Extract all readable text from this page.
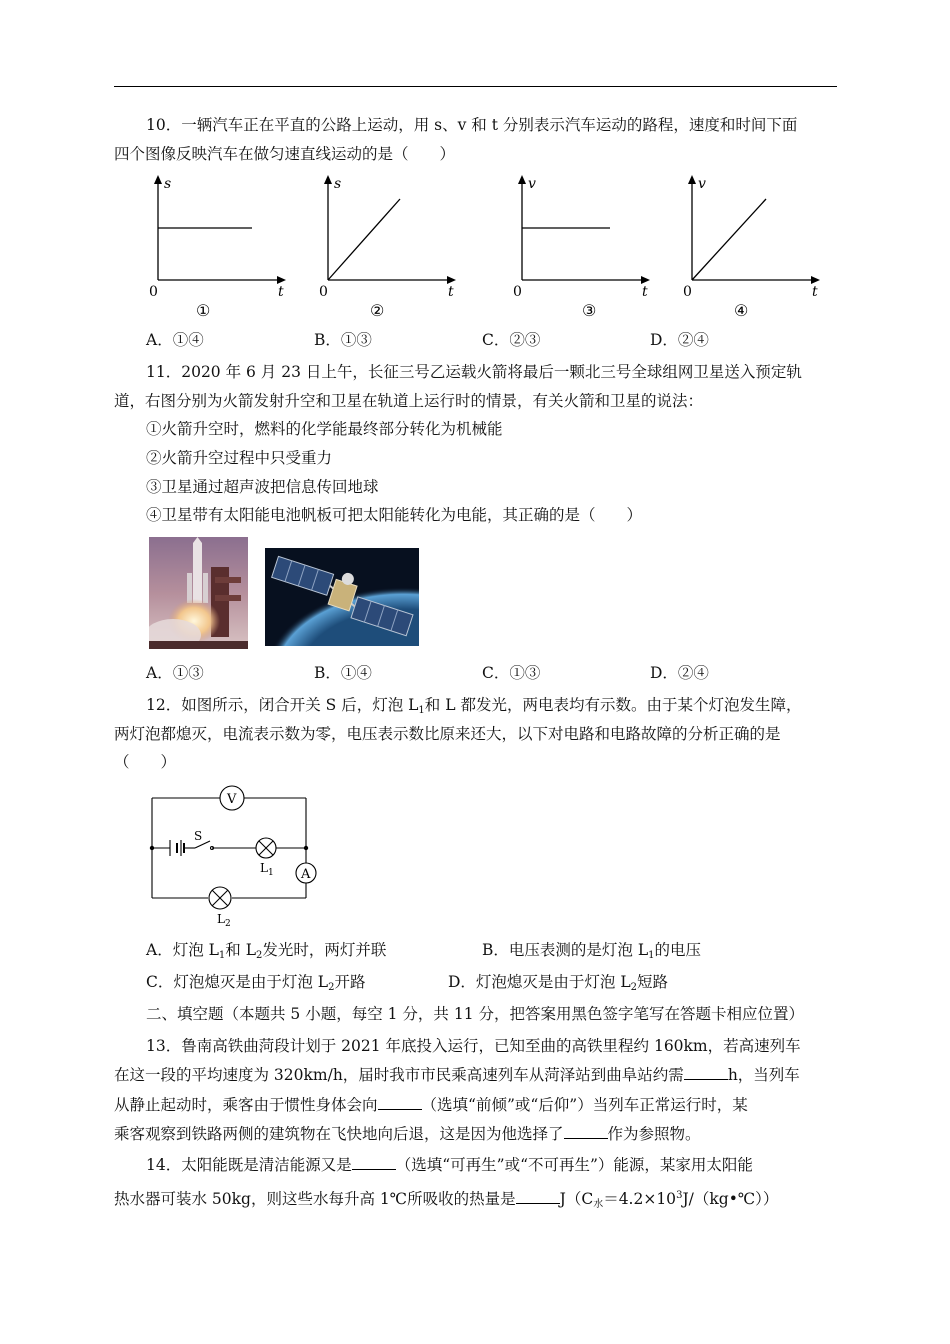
10．一辆汽车正在平直的公路上运动，用 s、v 和 t 分别表示汽车运动的路程，速度和时间下面
四个图像反映汽车在做匀速直线运动的是（　　）
s
t
0
①
s
t
0
②
v
t
0
③
v
t
0
④
A．①④	B．①③	C．②③	D．②④
11．2020 年 6 月 23 日上午，长征三号乙运载火箭将最后一颗北三号全球组网卫星送入预定轨
道，右图分别为火箭发射升空和卫星在轨道上运行时的情景，有关火箭和卫星的说法：
①火箭升空时，燃料的化学能最终部分转化为机械能
②火箭升空过程中只受重力
③卫星通过超声波把信息传回地球
④卫星带有太阳能电池帆板可把太阳能转化为电能，其正确的是（　　）
A．①③	B．①④	C．①③	D．②④
12．如图所示，闭合开关 S 后，灯泡 $L_1$和 L 都发光，两电表均有示数。由于某个灯泡发生障，
两灯泡都熄灭，电流表示数为零，电压表示数比原来还大，以下对电路和电路故障的分析正确的是
（　　）
V
A
S
$L_1$
$L_2$
A．灯泡 $L_1$和 $L_2$发光时，两灯并联	B．电压表测的是灯泡 $L_1$的电压
C．灯泡熄灭是由于灯泡 $L_2$开路	D．灯泡熄灭是由于灯泡 $L_2$短路
二、填空题（本题共 5 小题，每空 1 分，共 11 分，把答案用黑色签字笔写在答题卡相应位置）
13．鲁南高铁曲菏段计划于 2021 年底投入运行，已知至曲的高铁里程约 160km，若高速列车
在这一段的平均速度为 320km/h，届时我市市民乘高速列车从菏泽站到曲阜站约需	h，当列车
从静止起动时，乘客由于惯性身体会向	（选填“前倾”或“后仰”）当列车正常运行时，某
乘客观察到铁路两侧的建筑物在飞快地向后退，这是因为他选择了	作为参照物。
14．太阳能既是清洁能源又是	（选填“可再生”或“不可再生”）能源，某家用太阳能
热水器可装水 50kg，则这些水每升高 1℃所吸收的热量是	$J(C_水=4.2\times 10^3J/(kg•℃))$
